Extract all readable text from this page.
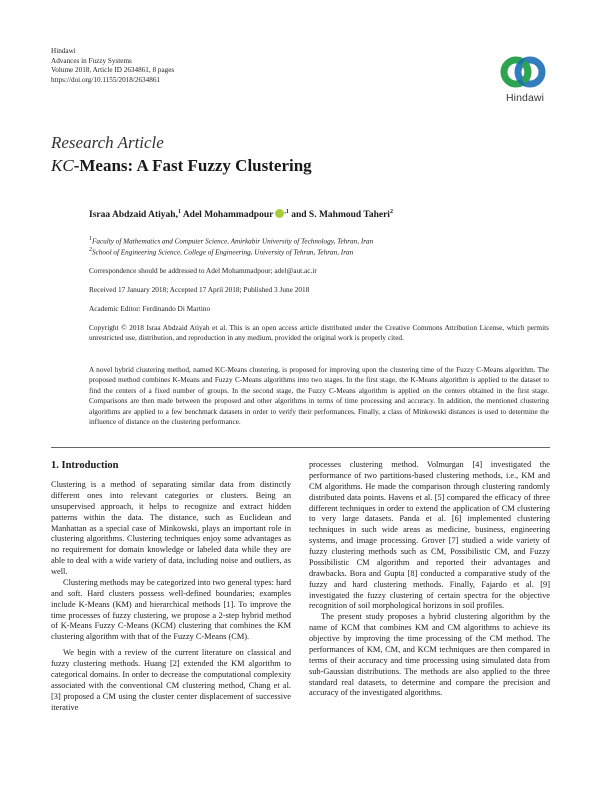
Hindawi
Advances in Fuzzy Systems
Volume 2018, Article ID 2634861, 8 pages
https://doi.org/10.1155/2018/2634861
Hindawi
Research Article
KC-Means: A Fast Fuzzy Clustering
Israa Abdzaid Atiyah,$^1$ Adel Mohammadpour $^{,1}$ and S. Mahmoud Taheri$^2$
$^1$Faculty of Mathematics and Computer Science, Amirkabir University of Technology, Tehran, Iran
$^2$School of Engineering Science, College of Engineering, University of Tehran, Tehran, Iran
Correspondence should be addressed to Adel Mohammadpour; adel@aut.ac.ir
Received 17 January 2018; Accepted 17 April 2018; Published 3 June 2018
Academic Editor: Ferdinando Di Martino
Copyright © 2018 Israa Abdzaid Atiyah et al. This is an open access article distributed under the Creative Commons Attribution License, which permits unrestricted use, distribution, and reproduction in any medium, provided the original work is properly cited.
A novel hybrid clustering method, named KC-Means clustering, is proposed for improving upon the clustering time of the Fuzzy C-Means algorithm. The proposed method combines K-Means and Fuzzy C-Means algorithms into two stages. In the first stage, the K-Means algorithm is applied to the dataset to find the centers of a fixed number of groups. In the second stage, the Fuzzy C-Means algorithm is applied on the centers obtained in the first stage. Comparisons are then made between the proposed and other algorithms in terms of time processing and accuracy. In addition, the mentioned clustering algorithms are applied to a few benchmark datasets in order to verify their performances. Finally, a class of Minkowski distances is used to determine the influence of distance on the clustering performance.
1. Introduction

Clustering is a method of separating similar data from distinctly different ones into relevant categories or clusters. Being an unsupervised approach, it helps to recognize and extract hidden patterns within the data. The distance, such as Euclidean and Manhattan as a special case of Minkowski, plays an important role in clustering algorithms. Clustering techniques enjoy some advantages as no requirement for domain knowledge or labeled data while they are able to deal with a wide variety of data, including noise and outliers, as well.

Clustering methods may be categorized into two general types: hard and soft. Hard clusters possess well-defined boundaries; examples include K-Means (KM) and hierarchical methods [1]. To improve the time processes of fuzzy clustering, we propose a 2-step hybrid method of K-Means Fuzzy C-Means (KCM) clustering that combines the KM clustering algorithm with that of the Fuzzy C-Means (CM).

We begin with a review of the current literature on classical and fuzzy clustering methods. Huang [2] extended the KM algorithm to categorical domains. In order to decrease the computational complexity associated with the conventional CM clustering method, Chang et al. [3] proposed a CM using the cluster center displacement of successive iterative

processes clustering method. Volmurgan [4] investigated the performance of two partitions-based clustering methods, i.e., KM and CM algorithms. He made the comparison through clustering randomly distributed data points. Havens et al. [5] compared the efficacy of three different techniques in order to extend the application of CM clustering to very large datasets. Panda et al. [6] implemented clustering techniques in such wide areas as medicine, business, engineering systems, and image processing. Grover [7] studied a wide variety of fuzzy clustering methods such as CM, Possibilistic CM, and Fuzzy Possibilistic CM algorithm and reported their advantages and drawbacks. Bora and Gupta [8] conducted a comparative study of the fuzzy and hard clustering methods. Finally, Fajardo et al. [9] investigated the fuzzy clustering of certain spectra for the objective recognition of soil morphological horizons in soil profiles.

The present study proposes a hybrid clustering algorithm by the name of KCM that combines KM and CM algorithms to achieve its objective by improving the time processing of the CM method. The performances of KM, CM, and KCM techniques are then compared in terms of their accuracy and time processing using simulated data from sub-Gaussian distributions. The methods are also applied to the three standard real datasets, to determine and compare the precision and accuracy of the investigated algorithms.
